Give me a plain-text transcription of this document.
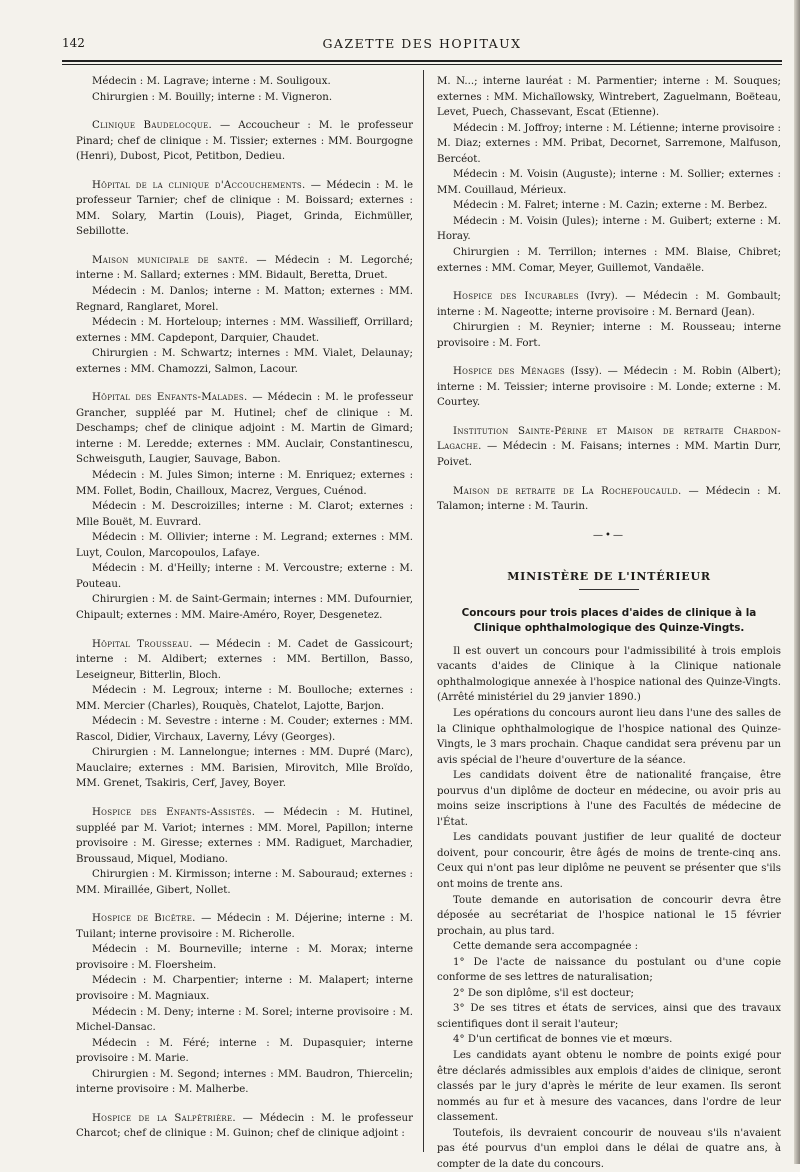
142	GAZETTE DES HOPITAUX

Médecin : M. Lagrave; interne : M. Souligoux.

Chirurgien : M. Bouilly; interne : M. Vigneron.

Clinique Baudelocque. — Accoucheur : M. le professeur Pinard; chef de clinique : M. Tissier; externes : MM. Bourgogne (Henri), Dubost, Picot, Petitbon, Dedieu.

Hôpital de la clinique d'Accouchements. — Médecin : M. le professeur Tarnier; chef de clinique : M. Boissard; externes : MM. Solary, Martin (Louis), Piaget, Grinda, Eichmüller, Sebillotte.

Maison municipale de santé. — Médecin : M. Legorché; interne : M. Sallard; externes : MM. Bidault, Beretta, Druet.

Médecin : M. Danlos; interne : M. Matton; externes : MM. Regnard, Ranglaret, Morel.

Médecin : M. Horteloup; internes : MM. Wassilieff, Orrillard; externes : MM. Capdepont, Darquier, Chaudet.

Chirurgien : M. Schwartz; internes : MM. Vialet, Delaunay; externes : MM. Chamozzi, Salmon, Lacour.

Hôpital des Enfants-Malades. — Médecin : M. le professeur Grancher, suppléé par M. Hutinel; chef de clinique : M. Deschamps; chef de clinique adjoint : M. Martin de Gimard; interne : M. Leredde; externes : MM. Auclair, Constantinescu, Schweisguth, Laugier, Sauvage, Babon.

Médecin : M. Jules Simon; interne : M. Enriquez; externes : MM. Follet, Bodin, Chailloux, Macrez, Vergues, Cuénod.

Médecin : M. Descroizilles; interne : M. Clarot; externes : Mlle Bouët, M. Euvrard.

Médecin : M. Ollivier; interne : M. Legrand; externes : MM. Luyt, Coulon, Marcopoulos, Lafaye.

Médecin : M. d'Heilly; interne : M. Vercoustre; externe : M. Pouteau.

Chirurgien : M. de Saint-Germain; internes : MM. Dufournier, Chipault; externes : MM. Maire-Améro, Royer, Desgenetez.

Hôpital Trousseau. — Médecin : M. Cadet de Gassicourt; interne : M. Aldibert; externes : MM. Bertillon, Basso, Leseigneur, Bitterlin, Bloch.

Médecin : M. Legroux; interne : M. Boulloche; externes : MM. Mercier (Charles), Rouquès, Chatelot, Lajotte, Barjon.

Médecin : M. Sevestre : interne : M. Couder; externes : MM. Rascol, Didier, Virchaux, Laverny, Lévy (Georges).

Chirurgien : M. Lannelongue; internes : MM. Dupré (Marc), Mauclaire; externes : MM. Barisien, Mirovitch, Mlle Broïdo, MM. Grenet, Tsakiris, Cerf, Javey, Boyer.

Hospice des Enfants-Assistés. — Médecin : M. Hutinel, suppléé par M. Variot; internes : MM. Morel, Papillon; interne provisoire : M. Giresse; externes : MM. Radiguet, Marchadier, Broussaud, Miquel, Modiano.

Chirurgien : M. Kirmisson; interne : M. Sabouraud; externes : MM. Miraillée, Gibert, Nollet.

Hospice de Bicêtre. — Médecin : M. Déjerine; interne : M. Tuilant; interne provisoire : M. Richerolle.

Médecin : M. Bourneville; interne : M. Morax; interne provisoire : M. Floersheim.

Médecin : M. Charpentier; interne : M. Malapert; interne provisoire : M. Magniaux.

Médecin : M. Deny; interne : M. Sorel; interne provisoire : M. Michel-Dansac.

Médecin : M. Féré; interne : M. Dupasquier; interne provisoire : M. Marie.

Chirurgien : M. Segond; internes : MM. Baudron, Thiercelin; interne provisoire : M. Malherbe.

Hospice de la Salpêtrière. — Médecin : M. le professeur Charcot; chef de clinique : M. Guinon; chef de clinique adjoint :

M. N...; interne lauréat : M. Parmentier; interne : M. Souques; externes : MM. Michaïlowsky, Wintrebert, Zaguelmann, Boëteau, Levet, Puech, Chassevant, Escat (Etienne).

Médecin : M. Joffroy; interne : M. Létienne; interne provisoire : M. Diaz; externes : MM. Pribat, Decornet, Sarremone, Malfuson, Bercéot.

Médecin : M. Voisin (Auguste); interne : M. Sollier; externes : MM. Couillaud, Mérieux.

Médecin : M. Falret; interne : M. Cazin; externe : M. Berbez.

Médecin : M. Voisin (Jules); interne : M. Guibert; externe : M. Horay.

Chirurgien : M. Terrillon; internes : MM. Blaise, Chibret; externes : MM. Comar, Meyer, Guillemot, Vandaële.

Hospice des Incurables (Ivry). — Médecin : M. Gombault; interne : M. Nageotte; interne provisoire : M. Bernard (Jean).

Chirurgien : M. Reynier; interne : M. Rousseau; interne provisoire : M. Fort.

Hospice des Ménages (Issy). — Médecin : M. Robin (Albert); interne : M. Teissier; interne provisoire : M. Londe; externe : M. Courtey.

Institution Sainte-Périne et Maison de retraite Chardon-Lagache. — Médecin : M. Faisans; internes : MM. Martin Durr, Poivet.

Maison de retraite de La Rochefoucauld. — Médecin : M. Talamon; interne : M. Taurin.

—•—
MINISTÈRE DE L'INTÉRIEUR
Concours pour trois places d'aides de clinique à la Clinique ophthalmologique des Quinze-Vingts.

Il est ouvert un concours pour l'admissibilité à trois emplois vacants d'aides de Clinique à la Clinique nationale ophthalmologique annexée à l'hospice national des Quinze-Vingts. (Arrêté ministériel du 29 janvier 1890.)

Les opérations du concours auront lieu dans l'une des salles de la Clinique ophthalmologique de l'hospice national des Quinze-Vingts, le 3 mars prochain. Chaque candidat sera prévenu par un avis spécial de l'heure d'ouverture de la séance.

Les candidats doivent être de nationalité française, être pourvus d'un diplôme de docteur en médecine, ou avoir pris au moins seize inscriptions à l'une des Facultés de médecine de l'État.

Les candidats pouvant justifier de leur qualité de docteur doivent, pour concourir, être âgés de moins de trente-cinq ans. Ceux qui n'ont pas leur diplôme ne peuvent se présenter que s'ils ont moins de trente ans.

Toute demande en autorisation de concourir devra être déposée au secrétariat de l'hospice national le 15 février prochain, au plus tard.

Cette demande sera accompagnée :

1° De l'acte de naissance du postulant ou d'une copie conforme de ses lettres de naturalisation;

2° De son diplôme, s'il est docteur;

3° De ses titres et états de services, ainsi que des travaux scientifiques dont il serait l'auteur;

4° D'un certificat de bonnes vie et mœurs.

Les candidats ayant obtenu le nombre de points exigé pour être déclarés admissibles aux emplois d'aides de clinique, seront classés par le jury d'après le mérite de leur examen. Ils seront nommés au fur et à mesure des vacances, dans l'ordre de leur classement.

Toutefois, ils devraient concourir de nouveau s'ils n'avaient pas été pourvus d'un emploi dans le délai de quatre ans, à compter de la date du concours.
